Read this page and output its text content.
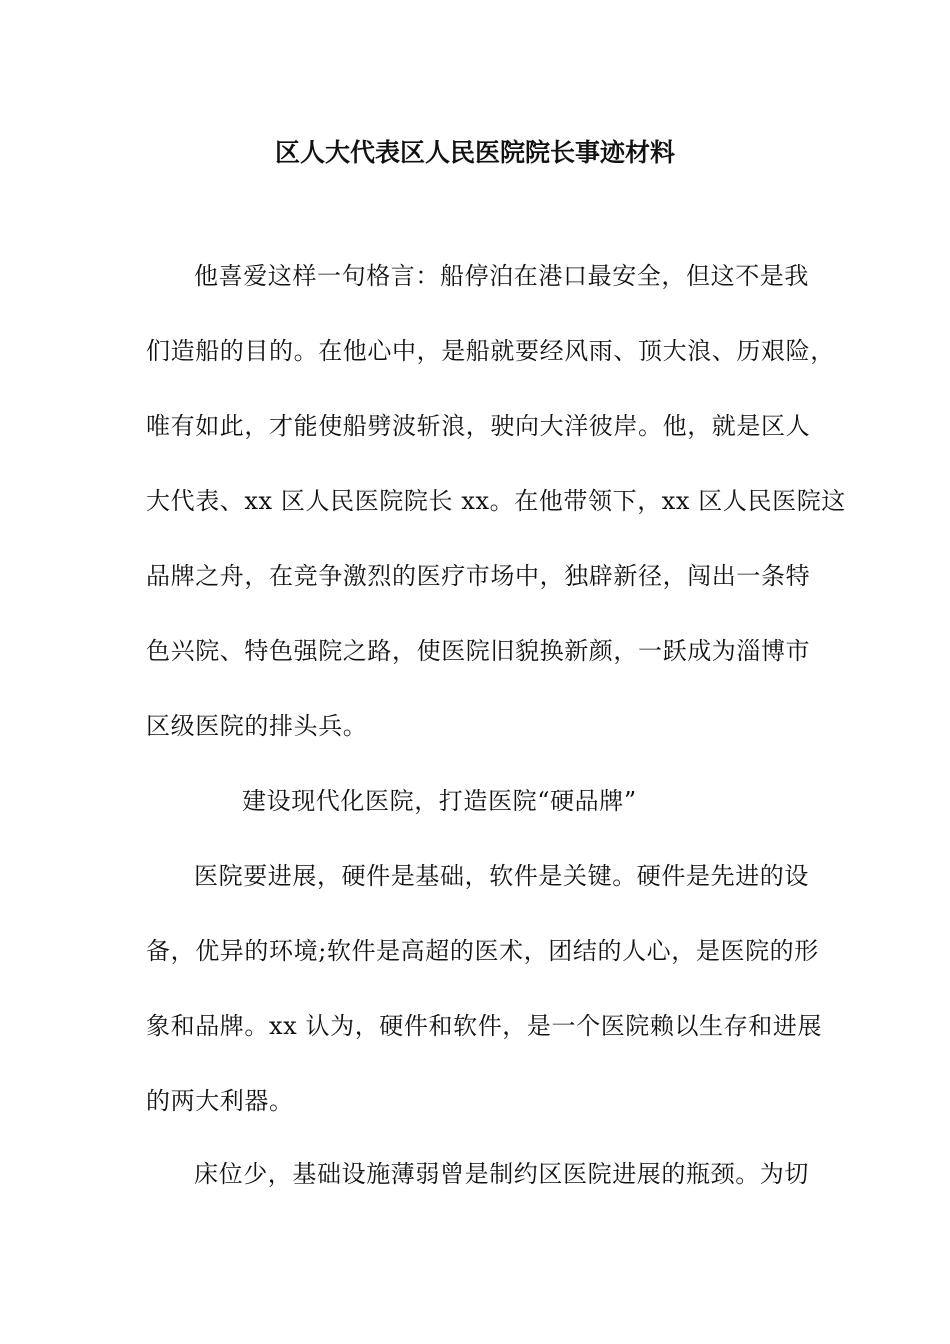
区人大代表区人民医院院长事迹材料
他喜爱这样一句格言：船停泊在港口最安全，但这不是我
们造船的目的。在他心中，是船就要经风雨、顶大浪、历艰险，
唯有如此，才能使船劈波斩浪，驶向大洋彼岸。他，就是区人
大代表、xx 区人民医院院长 xx。在他带领下，xx 区人民医院这
品牌之舟，在竞争激烈的医疗市场中，独辟新径，闯出一条特
色兴院、特色强院之路，使医院旧貌换新颜，一跃成为淄博市
区级医院的排头兵。
建设现代化医院，打造医院“硬品牌”
医院要进展，硬件是基础，软件是关键。硬件是先进的设
备，优异的环境;软件是高超的医术，团结的人心，是医院的形
象和品牌。xx 认为，硬件和软件，是一个医院赖以生存和进展
的两大利器。
床位少，基础设施薄弱曾是制约区医院进展的瓶颈。为切
